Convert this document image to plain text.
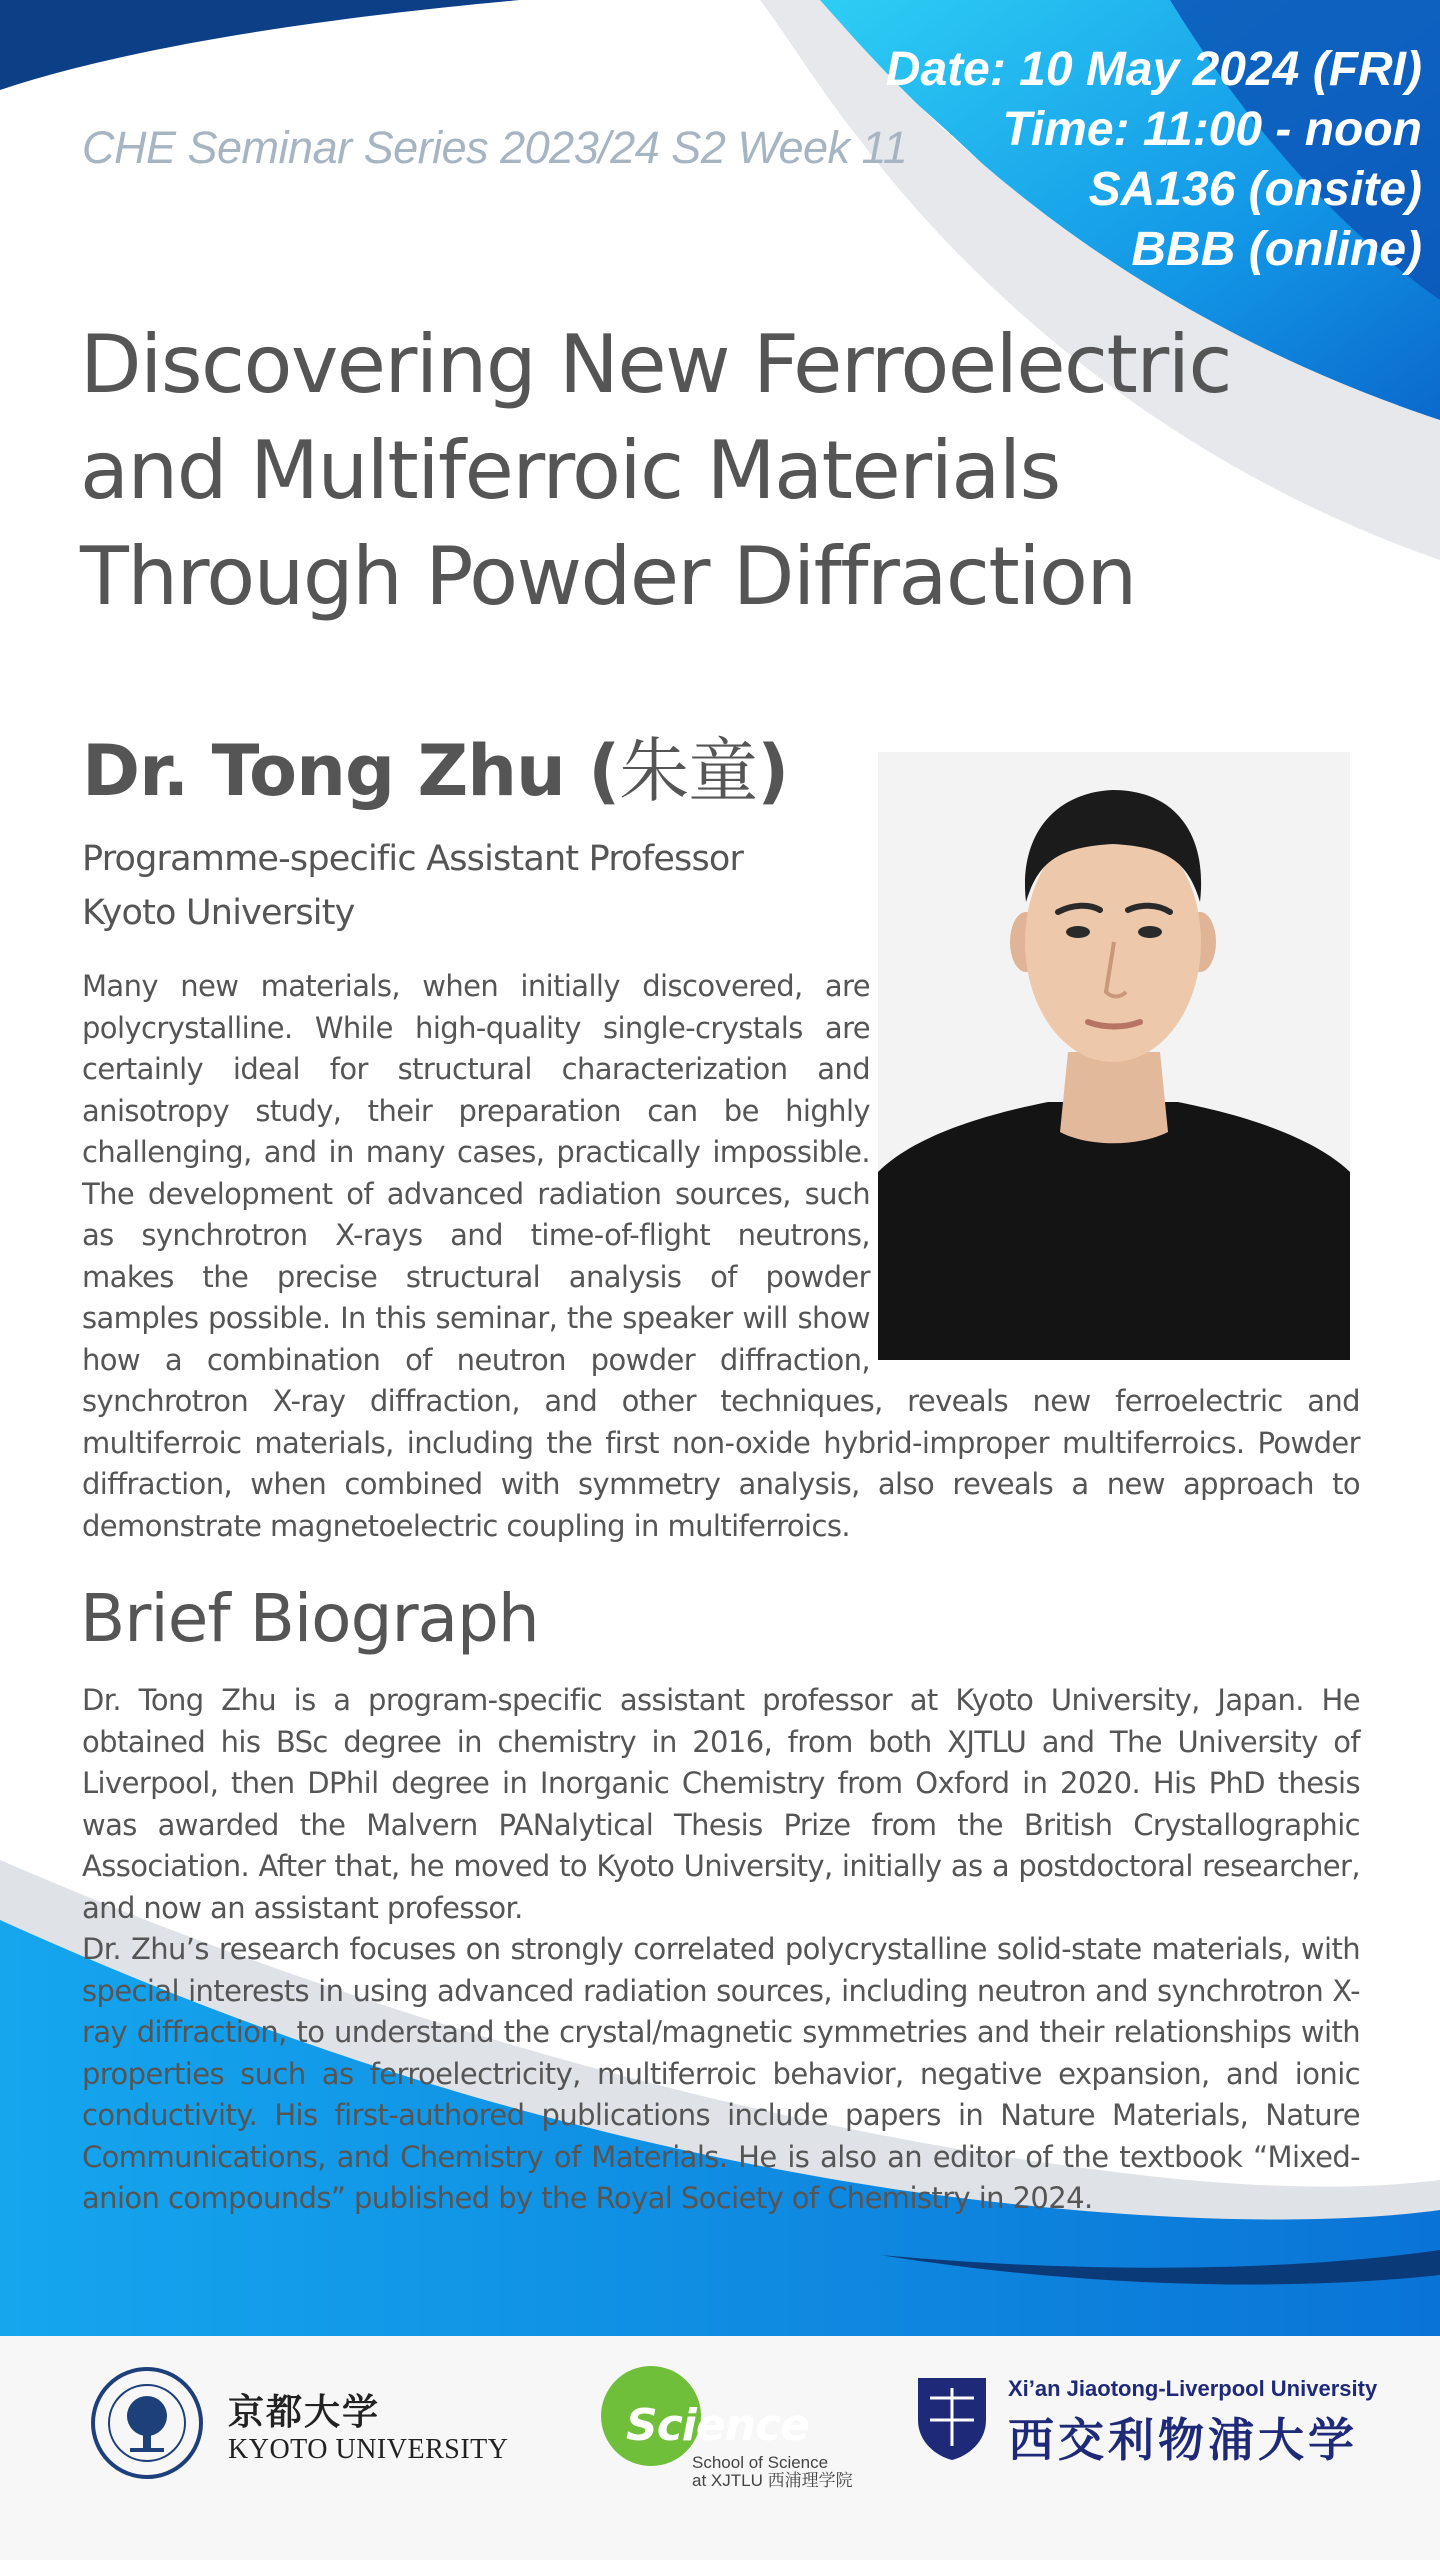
CHE Seminar Series 2023/24 S2 Week 11
Date: 10 May 2024 (FRI)
Time: 11:00 - noon
SA136 (onsite)
BBB (online)
Discovering New Ferroelectric
and Multiferroic Materials
Through Powder Diffraction
Dr. Tong Zhu (朱童)
Programme-specific Assistant Professor
Kyoto University
Many new materials, when initially discovered, are polycrystalline. While high-quality single-crystals are certainly ideal for structural characterization and anisotropy study, their preparation can be highly challenging, and in many cases, practically impossible. The development of advanced radiation sources, such as synchrotron X-rays and time-of-flight neutrons, makes the precise structural analysis of powder samples possible. In this seminar, the speaker will show how a combination of neutron powder diffraction, synchrotron X-ray diffraction, and other techniques, reveals new ferroelectric and multiferroic materials, including the first non-oxide hybrid-improper multiferroics. Powder diffraction, when combined with symmetry analysis, also reveals a new approach to demonstrate magnetoelectric coupling in multiferroics.
Brief Biograph
Dr. Tong Zhu is a program-specific assistant professor at Kyoto University, Japan. He obtained his BSc degree in chemistry in 2016, from both XJTLU and The University of Liverpool, then DPhil degree in Inorganic Chemistry from Oxford in 2020. His PhD thesis was awarded the Malvern PANalytical Thesis Prize from the British Crystallographic Association. After that, he moved to Kyoto University, initially as a postdoctoral researcher, and now an assistant professor.
Dr. Zhu’s research focuses on strongly correlated polycrystalline solid-state materials, with special interests in using advanced radiation sources, including neutron and synchrotron X-ray diffraction, to understand the crystal/magnetic symmetries and their relationships with properties such as ferroelectricity, multiferroic behavior, negative expansion, and ionic conductivity. His first-authored publications include papers in Nature Materials, Nature Communications, and Chemistry of Materials. He is also an editor of the textbook “Mixed-anion compounds” published by the Royal Society of Chemistry in 2024.
京都大学
KYOTO UNIVERSITY	Science
School of Science
at XJTLU 西浦理学院
Xi’an Jiaotong-Liverpool University
西交利物浦大学
